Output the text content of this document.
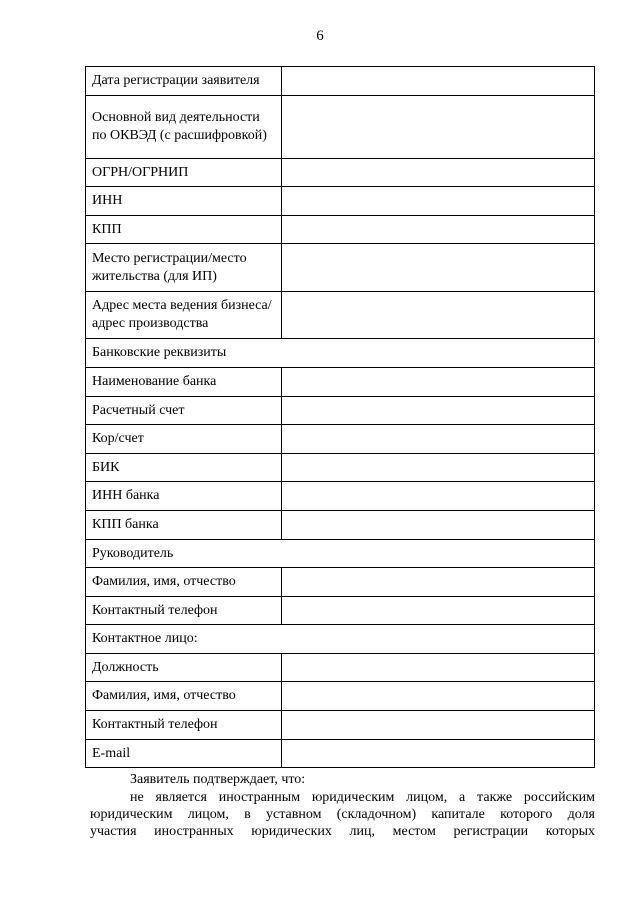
6
Дата регистрации заявителя	
Основной вид деятельности по ОКВЭД (с расшифровкой)	
ОГРН/ОГРНИП	
ИНН	
КПП	
Место регистрации/место жительства (для ИП)	
Адрес места ведения бизнеса/адрес производства	
Банковские реквизиты	
Наименование банка	
Расчетный счет	
Кор/счет	
БИК	
ИНН банка	
КПП банка	
Руководитель	
Фамилия, имя, отчество	
Контактный телефон	
Контактное лицо:	
Должность	
Фамилия, имя, отчество	
Контактный телефон	
E-mail	
Заявитель подтверждает, что:
не является иностранным юридическим лицом, а также российским
юридическим лицом, в уставном (складочном) капитале которого доля
участия иностранных юридических лиц, местом регистрации которых
